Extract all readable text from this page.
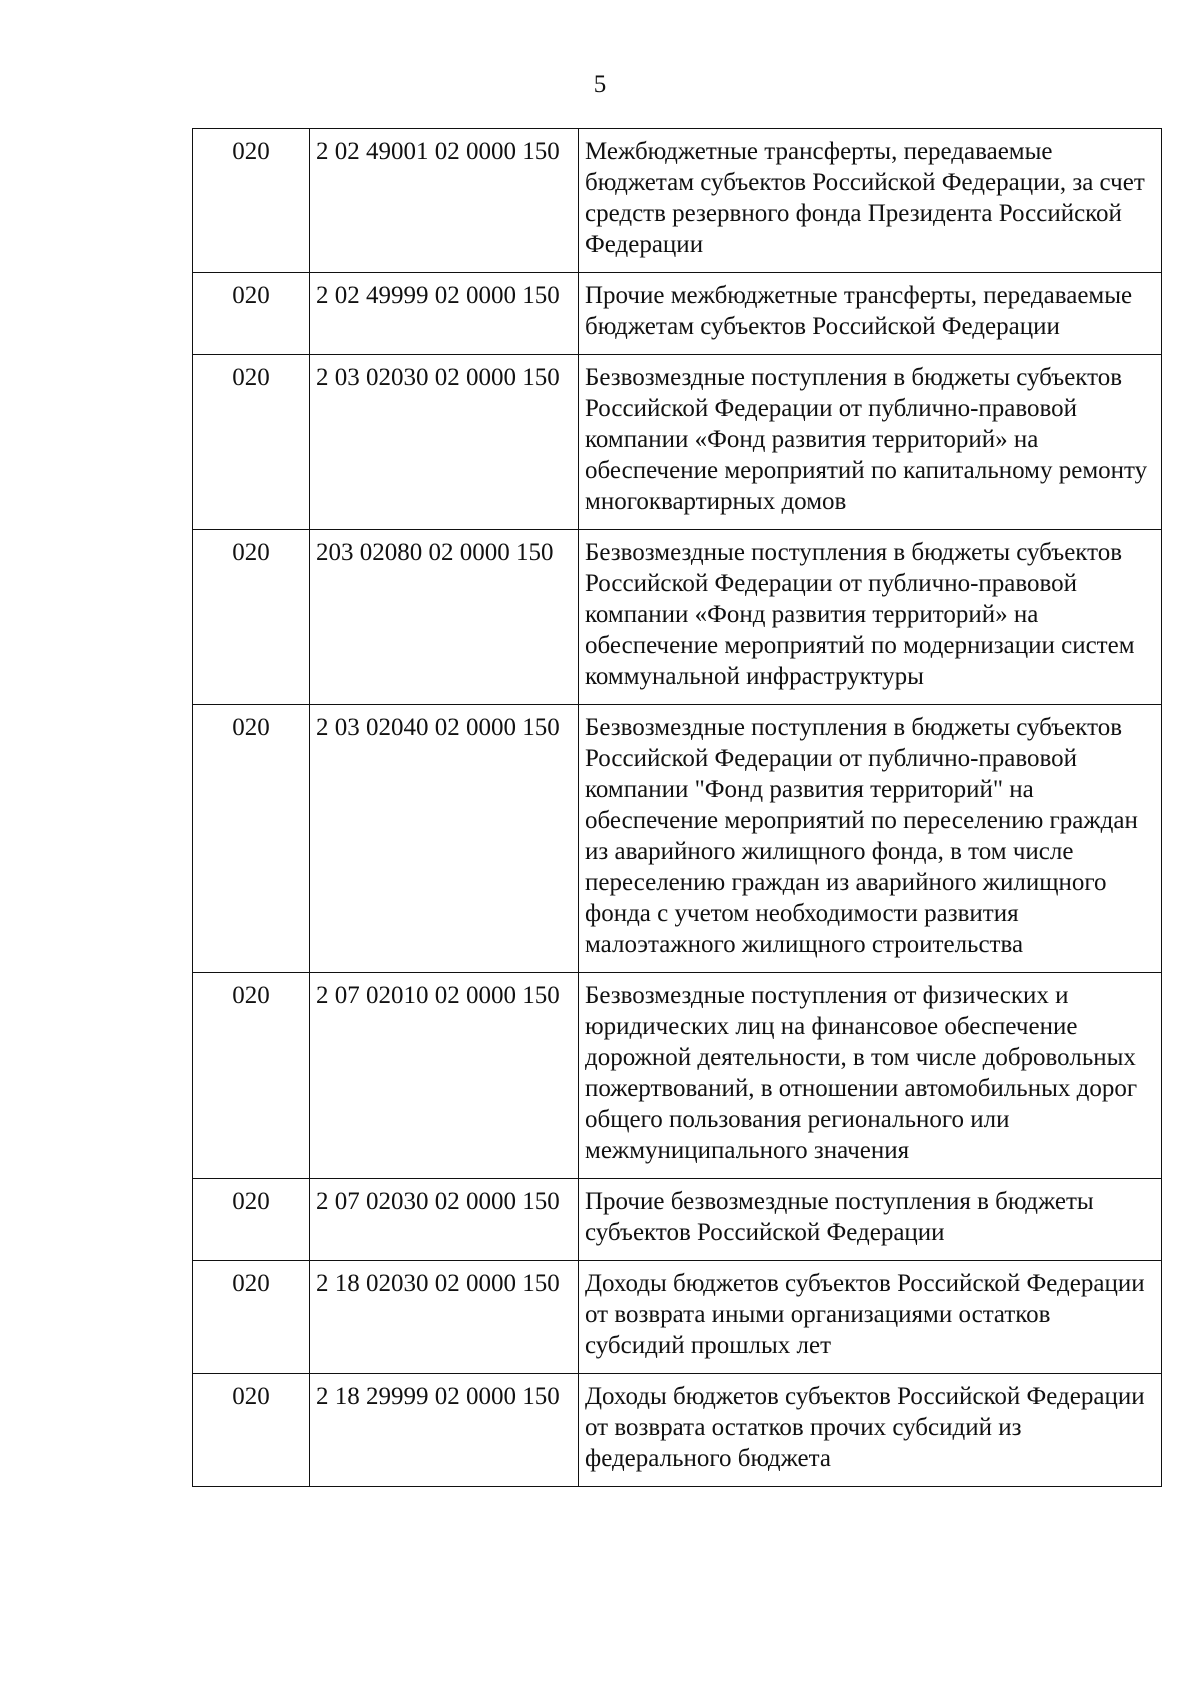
5
020	2 02 49001 02 0000 150	Межбюджетные трансферты, передаваемые бюджетам субъектов Российской Федерации, за счет средств резервного фонда Президента Российской Федерации

020	2 02 49999 02 0000 150	Прочие межбюджетные трансферты, передаваемые бюджетам субъектов Российской Федерации

020	2 03 02030 02 0000 150	Безвозмездные поступления в бюджеты субъектов Российской Федерации от публично-правовой компании «Фонд развития территорий» на обеспечение мероприятий по капитальному ремонту многоквартирных домов

020	203 02080 02 0000 150	Безвозмездные поступления в бюджеты субъектов Российской Федерации от публично-правовой компании «Фонд развития территорий» на обеспечение мероприятий по модернизации систем коммунальной инфраструктуры

020	2 03 02040 02 0000 150	Безвозмездные поступления в бюджеты субъектов Российской Федерации от публично-правовой компании "Фонд развития территорий" на обеспечение мероприятий по переселению граждан из аварийного жилищного фонда, в том числе переселению граждан из аварийного жилищного фонда с учетом необходимости развития малоэтажного жилищного строительства

020	2 07 02010 02 0000 150	Безвозмездные поступления от физических и юридических лиц на финансовое обеспечение дорожной деятельности, в том числе добровольных пожертвований, в отношении автомобильных дорог общего пользования регионального или межмуниципального значения

020	2 07 02030 02 0000 150	Прочие безвозмездные поступления в бюджеты субъектов Российской Федерации

020	2 18 02030 02 0000 150	Доходы бюджетов субъектов Российской Федерации от возврата иными организациями остатков субсидий прошлых лет

020	2 18 29999 02 0000 150	Доходы бюджетов субъектов Российской Федерации от возврата остатков прочих субсидий из федерального бюджета
